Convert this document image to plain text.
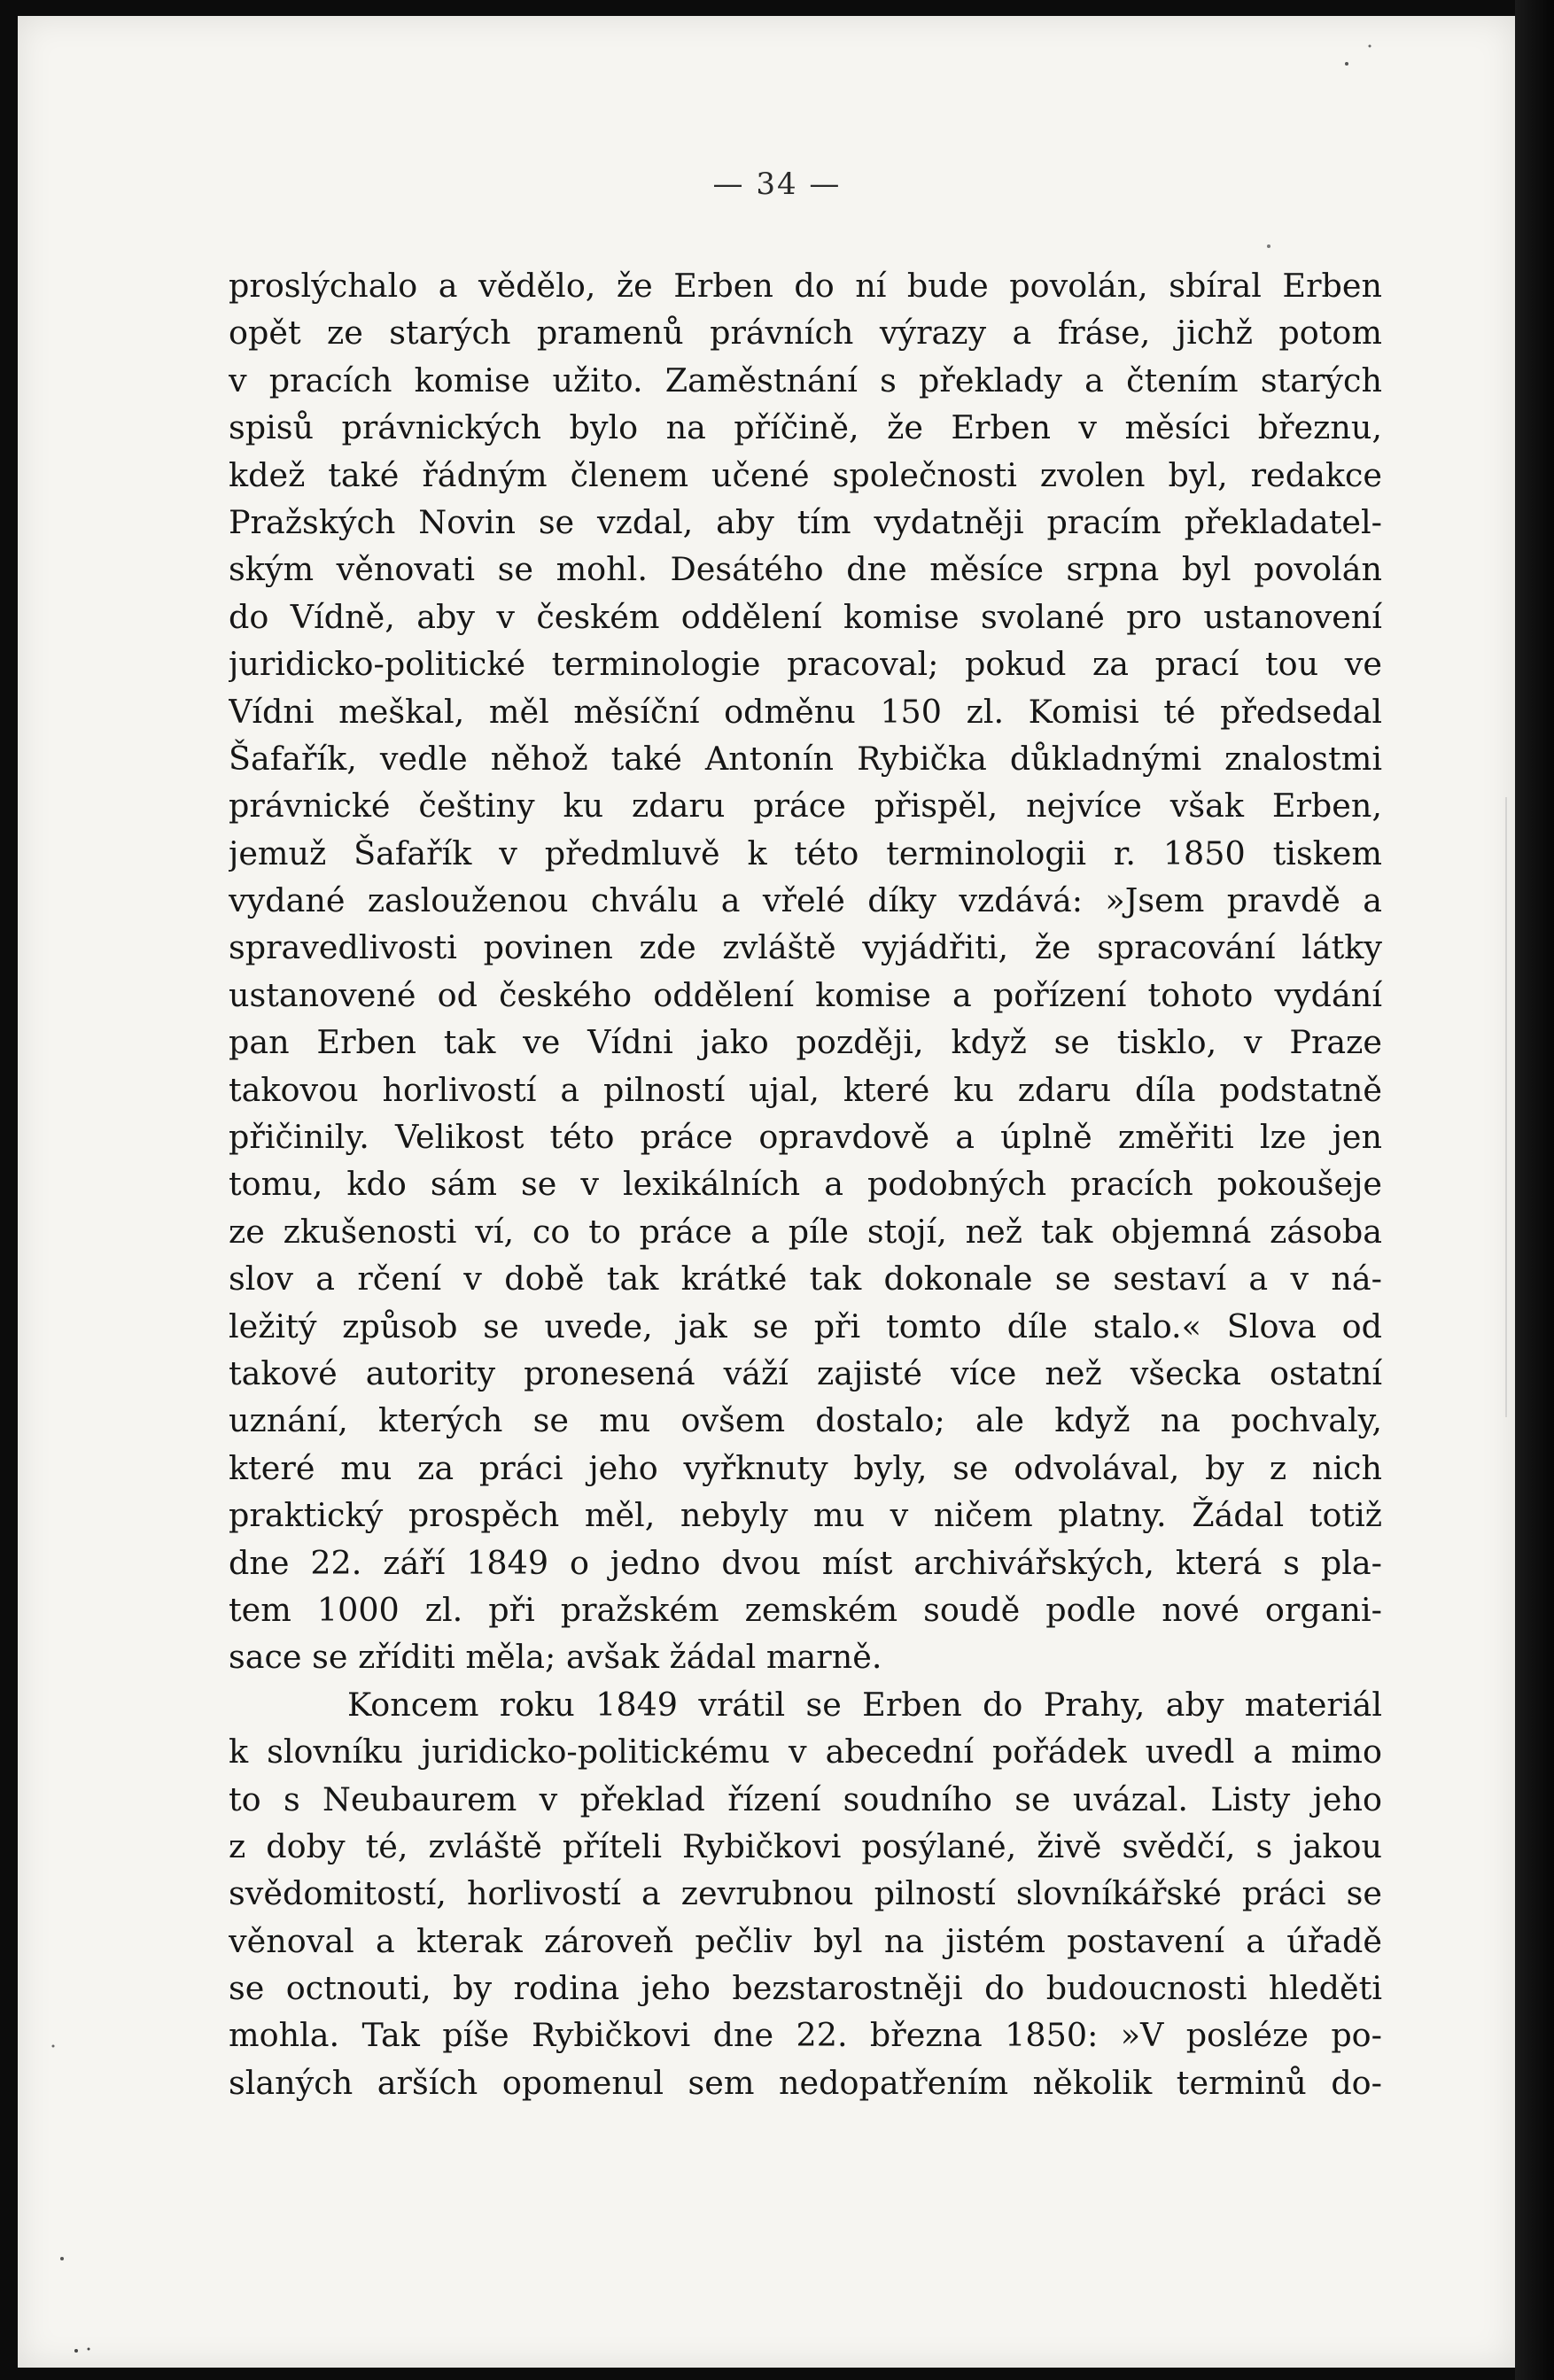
— 34 —
proslýchalo a vědělo, že Erben do ní bude povolán, sbíral Erben
opět ze starých pramenů právních výrazy a fráse, jichž potom
v pracích komise užito. Zaměstnání s překlady a čtením starých
spisů právnických bylo na příčině, že Erben v měsíci březnu,
kdež také řádným členem učené společnosti zvolen byl, redakce
Pražských Novin se vzdal, aby tím vydatněji pracím překladatel-
ským věnovati se mohl. Desátého dne měsíce srpna byl povolán
do Vídně, aby v českém oddělení komise svolané pro ustanovení
juridicko-politické terminologie pracoval; pokud za prací tou ve
Vídni meškal, měl měsíční odměnu 150 zl. Komisi té předsedal
Šafařík, vedle něhož také Antonín Rybička důkladnými znalostmi
právnické češtiny ku zdaru práce přispěl, nejvíce však Erben,
jemuž Šafařík v předmluvě k této terminologii r. 1850 tiskem
vydané zaslouženou chválu a vřelé díky vzdává: »Jsem pravdě a
spravedlivosti povinen zde zvláště vyjádřiti, že spracování látky
ustanovené od českého oddělení komise a pořízení tohoto vydání
pan Erben tak ve Vídni jako později, když se tisklo, v Praze
takovou horlivostí a pilností ujal, které ku zdaru díla podstatně
přičinily. Velikost této práce opravdově a úplně změřiti lze jen
tomu, kdo sám se v lexikálních a podobných pracích pokoušeje
ze zkušenosti ví, co to práce a píle stojí, než tak objemná zásoba
slov a rčení v době tak krátké tak dokonale se sestaví a v ná-
ležitý způsob se uvede, jak se při tomto díle stalo.« Slova od
takové autority pronesená váží zajisté více než všecka ostatní
uznání, kterých se mu ovšem dostalo; ale když na pochvaly,
které mu za práci jeho vyřknuty byly, se odvolával, by z nich
praktický prospěch měl, nebyly mu v ničem platny. Žádal totiž
dne 22. září 1849 o jedno dvou míst archivářských, která s pla-
tem 1000 zl. při pražském zemském soudě podle nové organi-
sace se zříditi měla; avšak žádal marně.
Koncem roku 1849 vrátil se Erben do Prahy, aby materiál
k slovníku juridicko-politickému v abecední pořádek uvedl a mimo
to s Neubaurem v překlad řízení soudního se uvázal. Listy jeho
z doby té, zvláště příteli Rybičkovi posýlané, živě svědčí, s jakou
svědomitostí, horlivostí a zevrubnou pilností slovníkářské práci se
věnoval a kterak zároveň pečliv byl na jistém postavení a úřadě
se octnouti, by rodina jeho bezstarostněji do budoucnosti hleděti
mohla. Tak píše Rybičkovi dne 22. března 1850: »V posléze po-
slaných arších opomenul sem nedopatřením několik terminů do-
